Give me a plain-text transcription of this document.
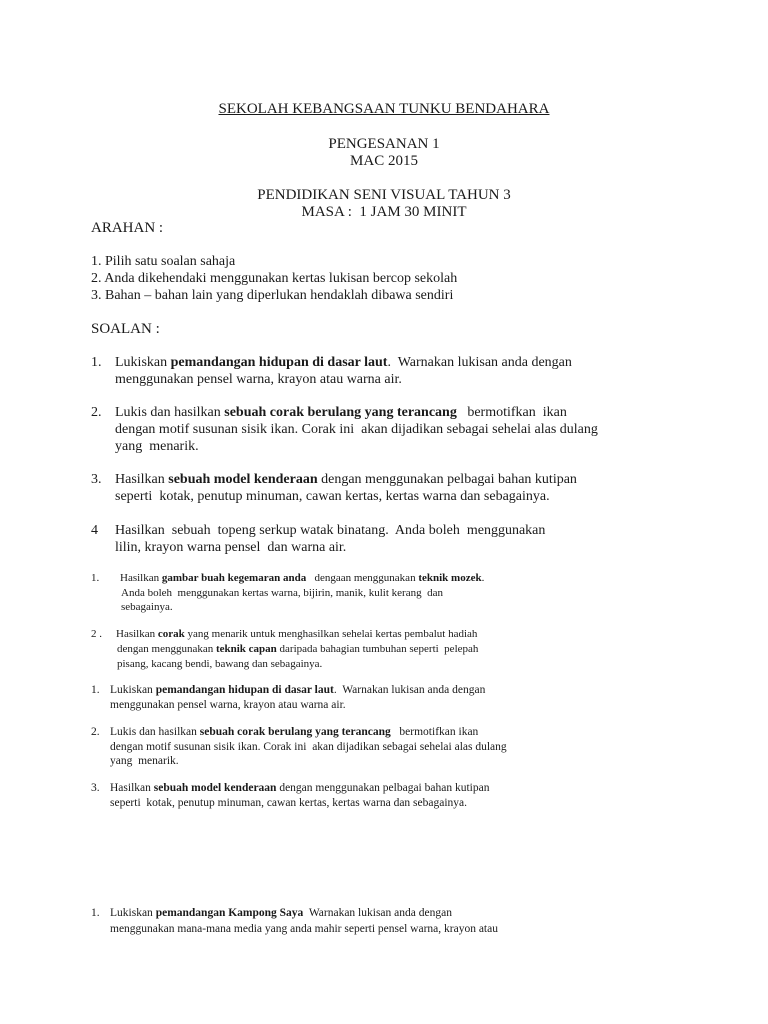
SEKOLAH KEBANGSAAN TUNKU BENDAHARA
PENGESANAN 1
MAC 2015
PENDIDIKAN SENI VISUAL TAHUN 3
MASA :  1 JAM 30 MINIT
ARAHAN :
1. Pilih satu soalan sahaja
2. Anda dikehendaki menggunakan kertas lukisan bercop sekolah
3. Bahan – bahan lain yang diperlukan hendaklah dibawa sendiri
SOALAN :
1. Lukiskan pemandangan hidupan di dasar laut.  Warnakan lukisan anda dengan
menggunakan pensel warna, krayon atau warna air.
2. Lukis dan hasilkan sebuah corak berulang yang terancang   bermotifkan  ikan
dengan motif susunan sisik ikan. Corak ini  akan dijadikan sebagai sehelai alas dulang
yang  menarik.
3. Hasilkan sebuah model kenderaan dengan menggunakan pelbagai bahan kutipan
seperti  kotak, penutup minuman, cawan kertas, kertas warna dan sebagainya.
4 Hasilkan  sebuah  topeng serkup watak binatang.  Anda boleh  menggunakan
lilin, krayon warna pensel  dan warna air.
1. Hasilkan gambar buah kegemaran anda   dengaan menggunakan teknik mozek.
Anda boleh  menggunakan kertas warna, bijirin, manik, kulit kerang  dan
sebagainya.
2 . Hasilkan corak yang menarik untuk menghasilkan sehelai kertas pembalut hadiah
dengan menggunakan teknik capan daripada bahagian tumbuhan seperti  pelepah
pisang, kacang bendi, bawang dan sebagainya.
1. Lukiskan pemandangan hidupan di dasar laut.  Warnakan lukisan anda dengan
menggunakan pensel warna, krayon atau warna air.
2. Lukis dan hasilkan sebuah corak berulang yang terancang   bermotifkan ikan
dengan motif susunan sisik ikan. Corak ini  akan dijadikan sebagai sehelai alas dulang
yang  menarik.
3. Hasilkan sebuah model kenderaan dengan menggunakan pelbagai bahan kutipan
seperti  kotak, penutup minuman, cawan kertas, kertas warna dan sebagainya.
1. Lukiskan pemandangan Kampong Saya  Warnakan lukisan anda dengan
menggunakan mana-mana media yang anda mahir seperti pensel warna, krayon atau
